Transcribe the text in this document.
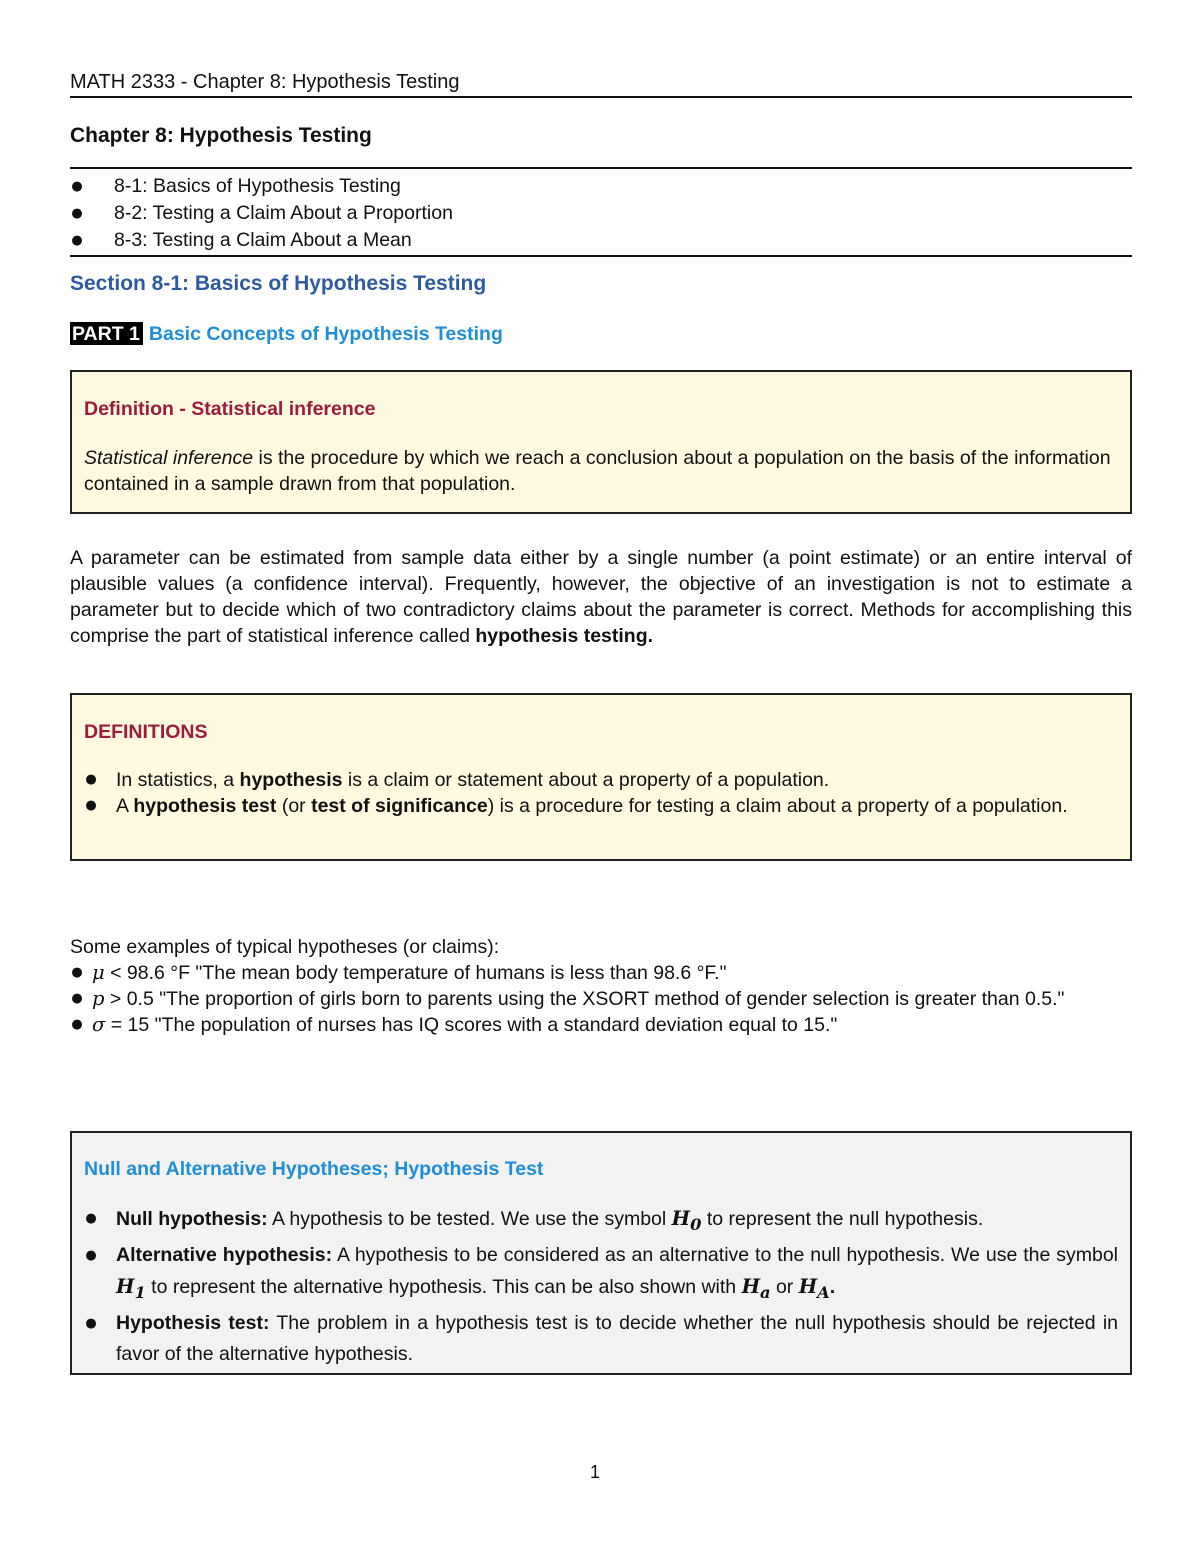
MATH 2333 - Chapter 8: Hypothesis Testing
Chapter 8: Hypothesis Testing
● 8-1: Basics of Hypothesis Testing
● 8-2: Testing a Claim About a Proportion
● 8-3: Testing a Claim About a Mean
Section 8-1: Basics of Hypothesis Testing
PART 1 Basic Concepts of Hypothesis Testing
Definition - Statistical inference
Statistical inference is the procedure by which we reach a conclusion about a population on the basis of the information contained in a sample drawn from that population.
A parameter can be estimated from sample data either by a single number (a point estimate) or an entire interval of plausible values (a confidence interval). Frequently, however, the objective of an investigation is not to estimate a parameter but to decide which of two contradictory claims about the parameter is correct. Methods for accomplishing this comprise the part of statistical inference called hypothesis testing.
DEFINITIONS
● In statistics, a hypothesis is a claim or statement about a property of a population.
● A hypothesis test (or test of significance) is a procedure for testing a claim about a property of a population.
Some examples of typical hypotheses (or claims):
● μ < 98.6 °F "The mean body temperature of humans is less than 98.6 °F."
● p > 0.5 "The proportion of girls born to parents using the XSORT method of gender selection is greater than 0.5."
● σ = 15 "The population of nurses has IQ scores with a standard deviation equal to 15."
Null and Alternative Hypotheses; Hypothesis Test
● Null hypothesis: A hypothesis to be tested. We use the symbol $H_0$ to represent the null hypothesis.
● Alternative hypothesis: A hypothesis to be considered as an alternative to the null hypothesis. We use the symbol $H_1$ to represent the alternative hypothesis. This can be also shown with $H_a$ or $H_A$.
● Hypothesis test: The problem in a hypothesis test is to decide whether the null hypothesis should be rejected in favor of the alternative hypothesis.
1
